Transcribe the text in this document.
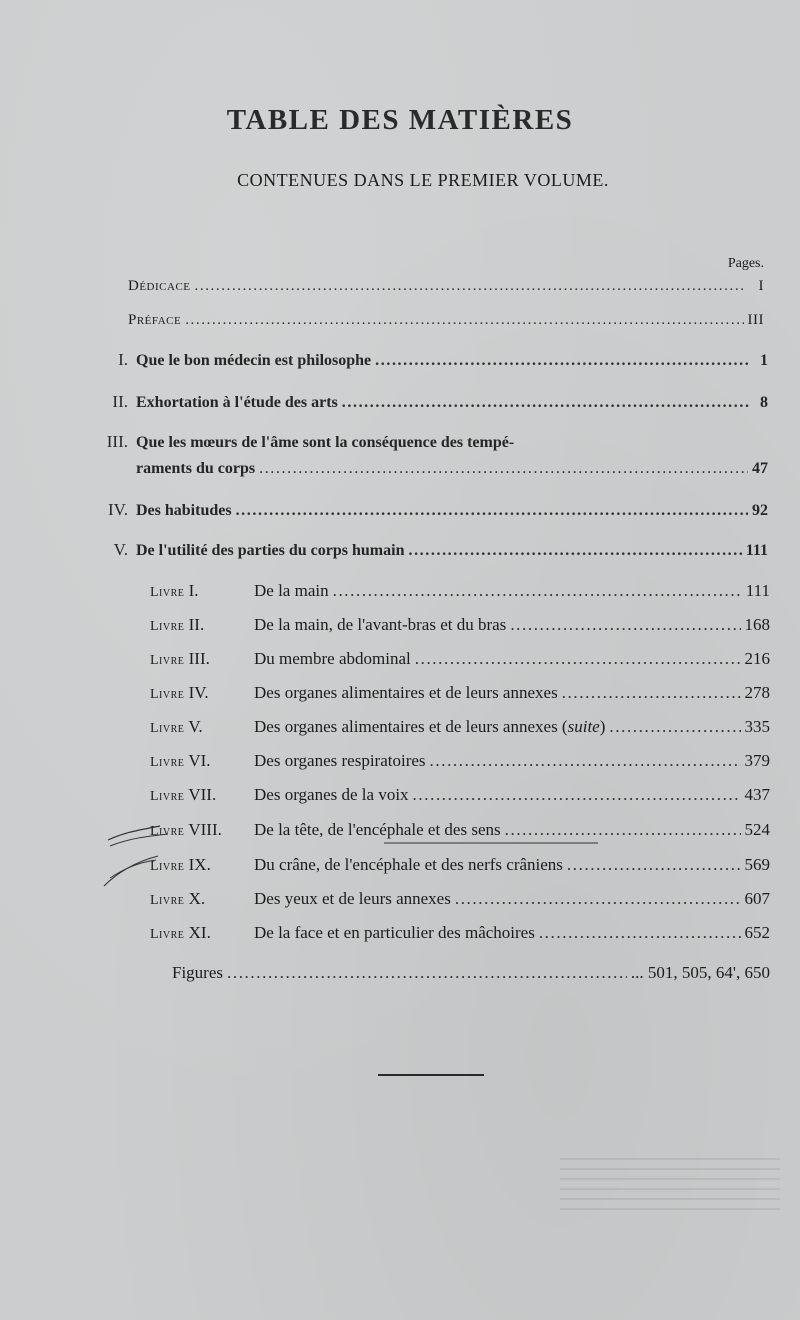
TABLE DES MATIÈRES
CONTENUES DANS LE PREMIER VOLUME.
Pages.
Dédicace .....	I
Préface .....	III
I. Que le bon médecin est philosophe .....	1
II. Exhortation à l'étude des arts .....	8
III. Que les mœurs de l'âme sont la conséquence des tempé-
raments du corps .....	47
IV. Des habitudes .....	92
V. De l'utilité des parties du corps humain .....	111
Livre I.	De la main .....	111
Livre II.	De la main, de l'avant-bras et du bras .....	168
Livre III.	Du membre abdominal .....	216
Livre IV.	Des organes alimentaires et de leurs annexes .....	278
Livre V.	Des organes alimentaires et de leurs annexes (suite) .....	335
Livre VI.	Des organes respiratoires .....	379
Livre VII.	Des organes de la voix .....	437
Livre VIII.	De la tête, de l'encéphale et des sens .....	524
Livre IX.	Du crâne, de l'encéphale et des nerfs crâniens .....	569
Livre X.	Des yeux et de leurs annexes .....	607
Livre XI.	De la face et en particulier des mâchoires .....	652
Figures .....	... 501, 505, 64', 650
